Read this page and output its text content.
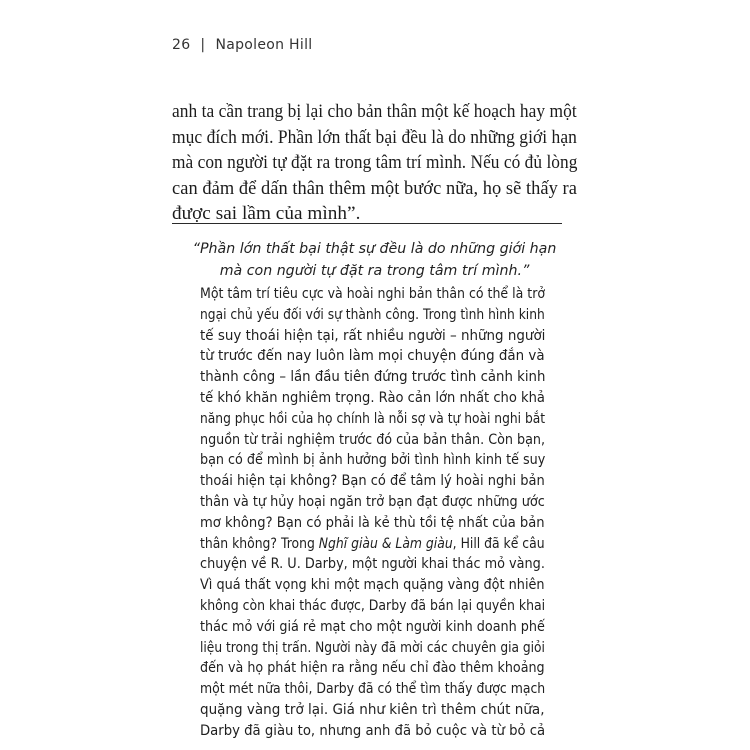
26 | Napoleon Hill
anh ta cần trang bị lại cho bản thân một kế hoạch hay một
mục đích mới. Phần lớn thất bại đều là do những giới hạn
mà con người tự đặt ra trong tâm trí mình. Nếu có đủ lòng
can đảm để dấn thân thêm một bước nữa, họ sẽ thấy ra
được sai lầm của mình”.
“Phần lớn thất bại thật sự đều là do những giới hạn
mà con người tự đặt ra trong tâm trí mình.”
Một tâm trí tiêu cực và hoài nghi bản thân có thể là trở
ngại chủ yếu đối với sự thành công. Trong tình hình kinh
tế suy thoái hiện tại, rất nhiều người – những người
từ trước đến nay luôn làm mọi chuyện đúng đắn và
thành công – lần đầu tiên đứng trước tình cảnh kinh
tế khó khăn nghiêm trọng. Rào cản lớn nhất cho khả
năng phục hồi của họ chính là nỗi sợ và tự hoài nghi bắt
nguồn từ trải nghiệm trước đó của bản thân. Còn bạn,
bạn có để mình bị ảnh hưởng bởi tình hình kinh tế suy
thoái hiện tại không? Bạn có để tâm lý hoài nghi bản
thân và tự hủy hoại ngăn trở bạn đạt được những ước
mơ không? Bạn có phải là kẻ thù tồi tệ nhất của bản
thân không? Trong Nghĩ giàu & Làm giàu, Hill đã kể câu
chuyện về R. U. Darby, một người khai thác mỏ vàng.
Vì quá thất vọng khi một mạch quặng vàng đột nhiên
không còn khai thác được, Darby đã bán lại quyền khai
thác mỏ với giá rẻ mạt cho một người kinh doanh phế
liệu trong thị trấn. Người này đã mời các chuyên gia giỏi
đến và họ phát hiện ra rằng nếu chỉ đào thêm khoảng
một mét nữa thôi, Darby đã có thể tìm thấy được mạch
quặng vàng trở lại. Giá như kiên trì thêm chút nữa,
Darby đã giàu to, nhưng anh đã bỏ cuộc và từ bỏ cả
